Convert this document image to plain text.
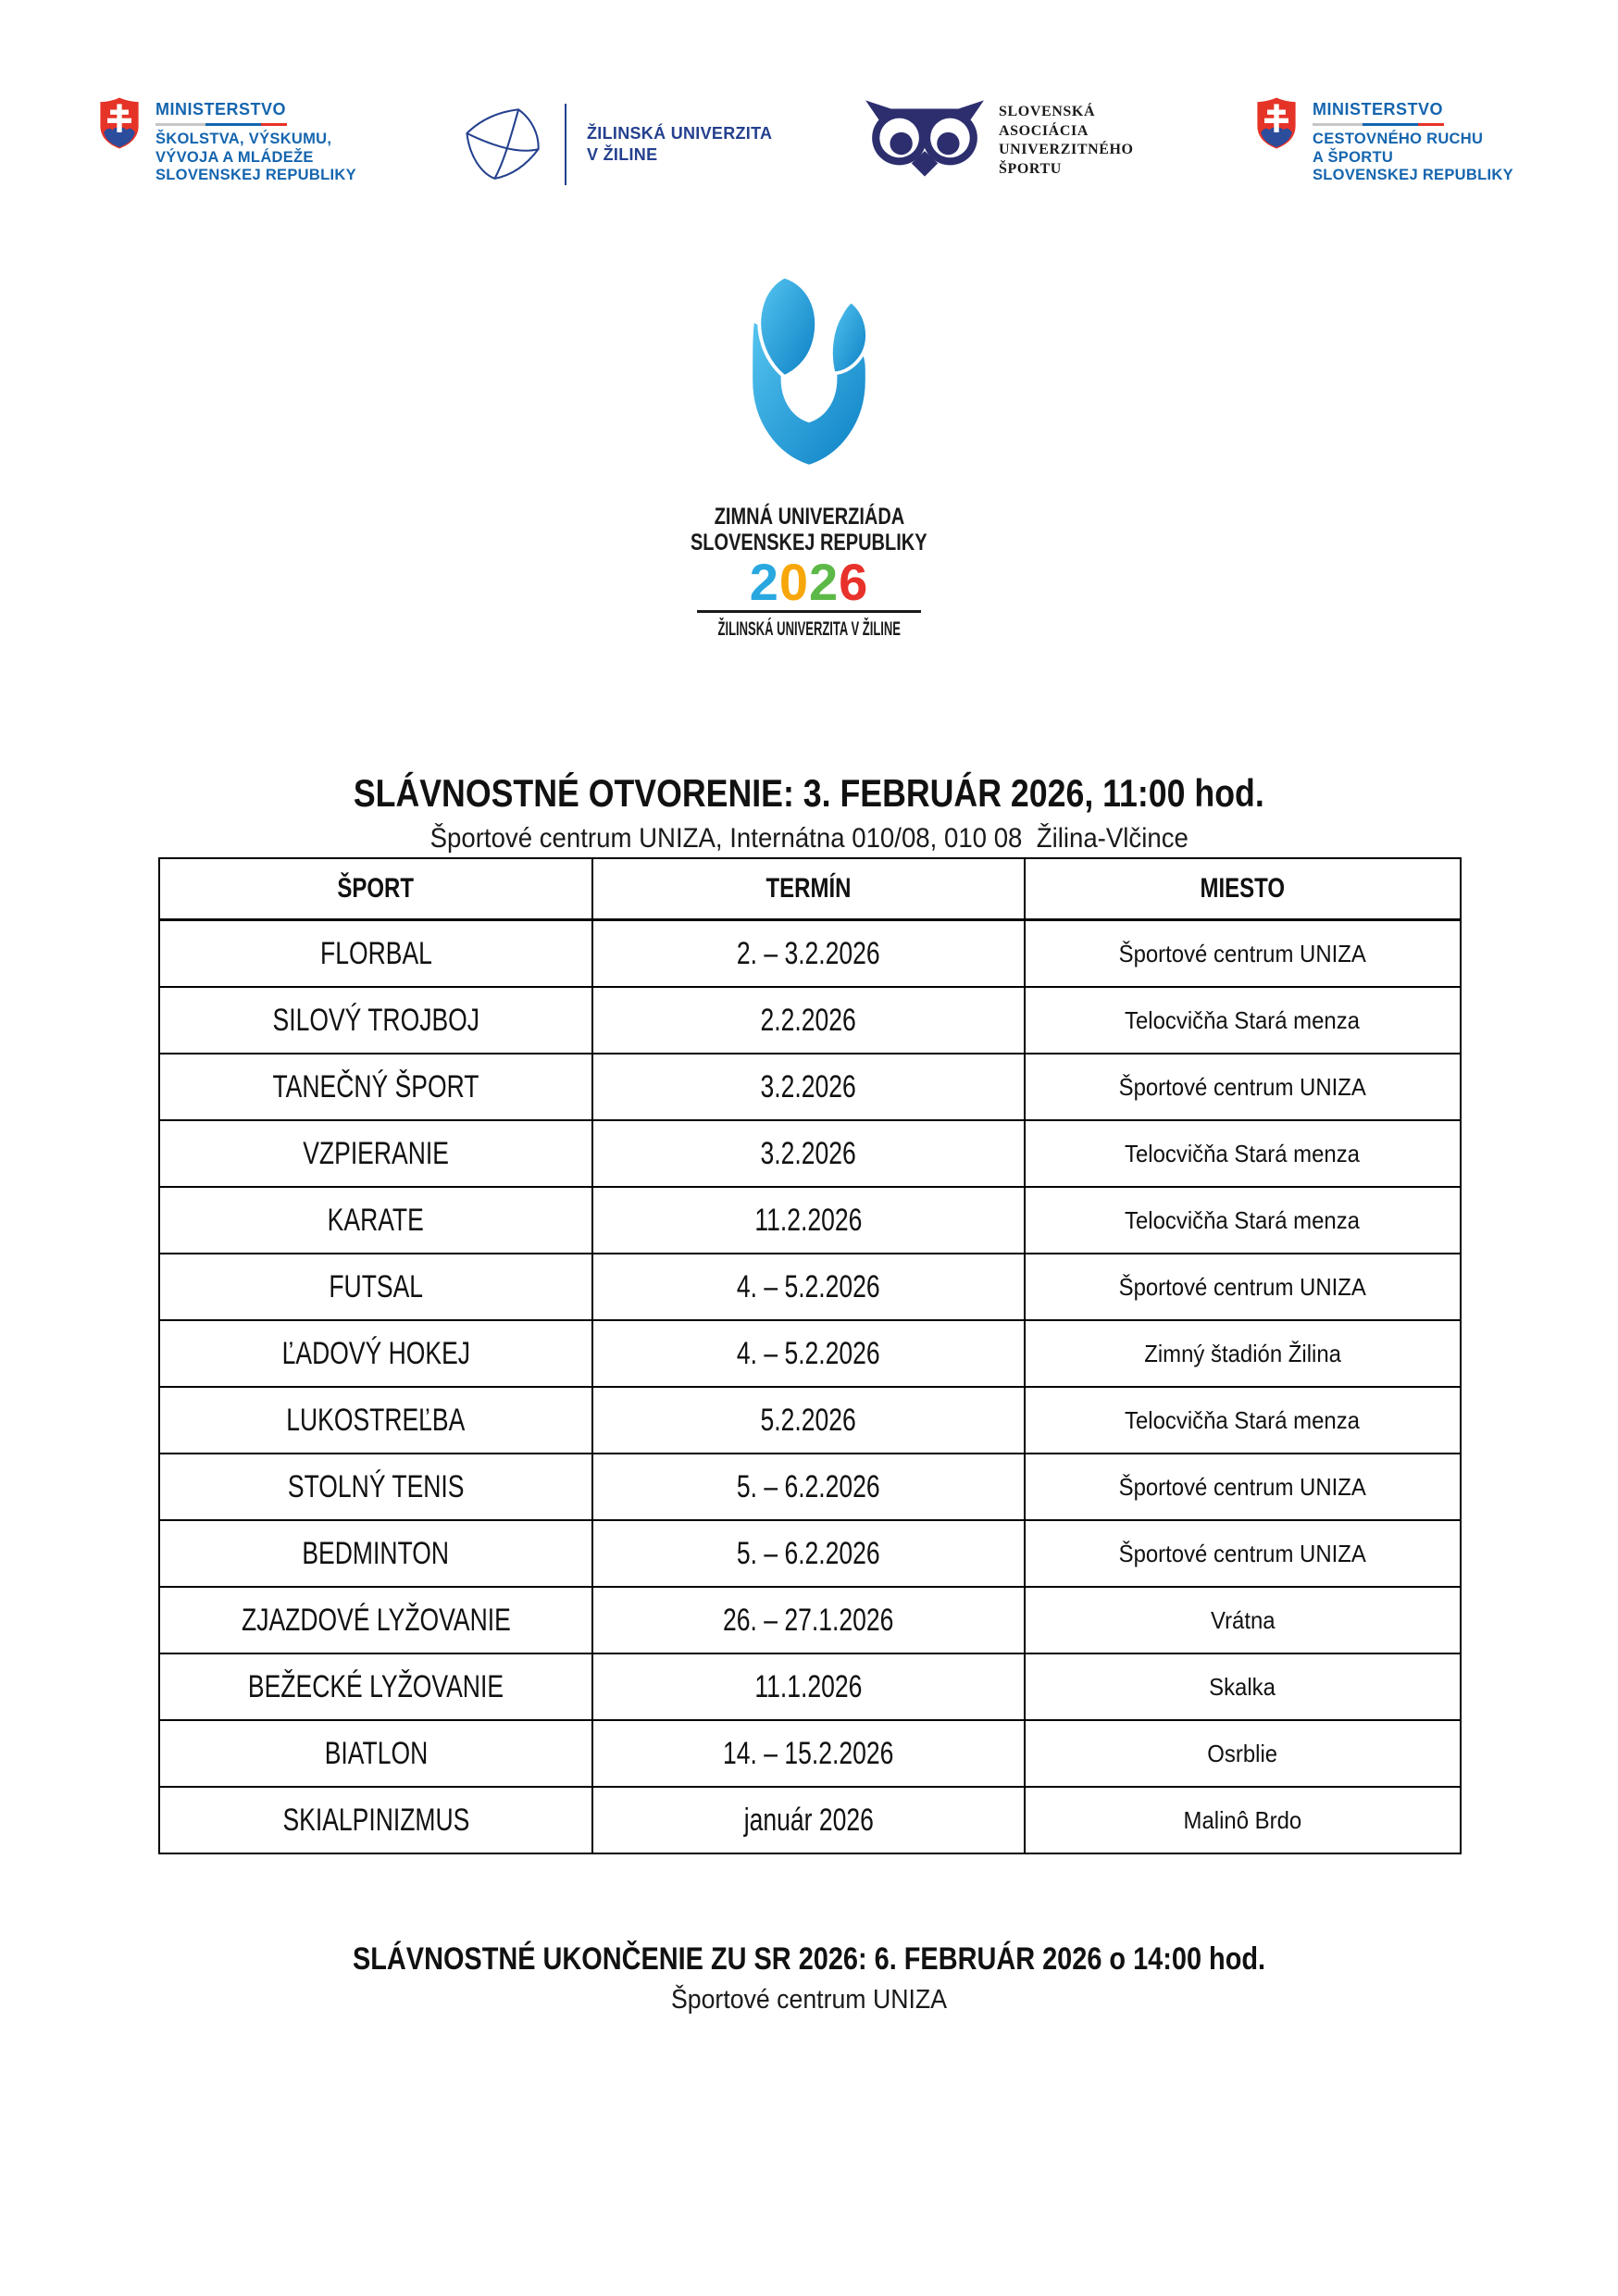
MINISTERSTVO
ŠKOLSTVA, VÝSKUMU,
VÝVOJA A MLÁDEŽE
SLOVENSKEJ REPUBLIKY
ŽILINSKÁ UNIVERZITA
V ŽILINE
SLOVENSKÁ
ASOCIÁCIA
UNIVERZITNÉHO
ŠPORTU
MINISTERSTVO
CESTOVNÉHO RUCHU
A ŠPORTU
SLOVENSKEJ REPUBLIKY
ZIMNÁ UNIVERZIÁDA
SLOVENSKEJ REPUBLIKY
2026
ŽILINSKÁ UNIVERZITA V ŽILINE
SLÁVNOSTNÉ OTVORENIE: 3. FEBRUÁR 2026, 11:00 hod.
Športové centrum UNIZA, Internátna 010/08, 010 08  Žilina-Vlčince
ŠPORT	TERMÍN	MIESTO
FLORBAL	2. – 3.2.2026	Športové centrum UNIZA
SILOVÝ TROJBOJ	2.2.2026	Telocvičňa Stará menza
TANEČNÝ ŠPORT	3.2.2026	Športové centrum UNIZA
VZPIERANIE	3.2.2026	Telocvičňa Stará menza
KARATE	11.2.2026	Telocvičňa Stará menza
FUTSAL	4. – 5.2.2026	Športové centrum UNIZA
ĽADOVÝ HOKEJ	4. – 5.2.2026	Zimný štadión Žilina
LUKOSTREĽBA	5.2.2026	Telocvičňa Stará menza
STOLNÝ TENIS	5. – 6.2.2026	Športové centrum UNIZA
BEDMINTON	5. – 6.2.2026	Športové centrum UNIZA
ZJAZDOVÉ LYŽOVANIE	26. – 27.1.2026	Vrátna
BEŽECKÉ LYŽOVANIE	11.1.2026	Skalka
BIATLON	14. – 15.2.2026	Osrblie
SKIALPINIZMUS	január 2026	Malinô Brdo
SLÁVNOSTNÉ UKONČENIE ZU SR 2026: 6. FEBRUÁR 2026 o 14:00 hod.
Športové centrum UNIZA
